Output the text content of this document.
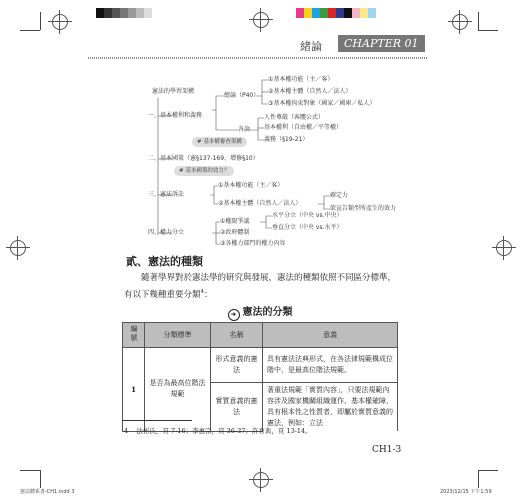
緒論	CHAPTER 01
憲法的學習架構
一、基本權利和義務
總論（P40）
①基本權功能（主／客）
②基本權主體（自然人／法人）
③基本權拘束對象（國家／國庫／私人）
各論
人性尊嚴（客體公式）
基本權利（自由權／平等權）
義務（§19-21）
# 基本權審查架構
二、基本國策（憲§137-169、增修§10）
# 基本國策的效力？
三、憲法訴訟
①基本權功能（主／客）
②基本權主體（自然人／法人）
確定力
欲宣告類型所產生的效力
四、權力分立
①權限爭議
②政府體制
③各權力部門的權力內容
水平分立（中央 vs.中央）
垂直分立（中央 vs.水平）
貳、憲法的種類
隨著學界對於憲法學的研究與發展，憲法的種類依照不同區分標準，
有以下幾種重要分類$^4$：
➔ 憲法的分類
編號	分類標準	名稱	意義
1	是否為最高位階法規範	形式意義的憲法	具有憲法法典形式，在各法律規範構成位階中，是最高位階法規範。
		實質意義的憲法	著重法規範「實質內容」，只要法規範內容涉及國家機關組織運作、基本權確障，具有根本性之性質者，即屬於實質意義的憲法，例如：立法
4 法彬氏，頁 7-16；李惠宗，頁 36-37；許育典，頁 13-14。
CH1-3
憲法體系書-CH1.indd 3	2023/12/15 下午1:59
